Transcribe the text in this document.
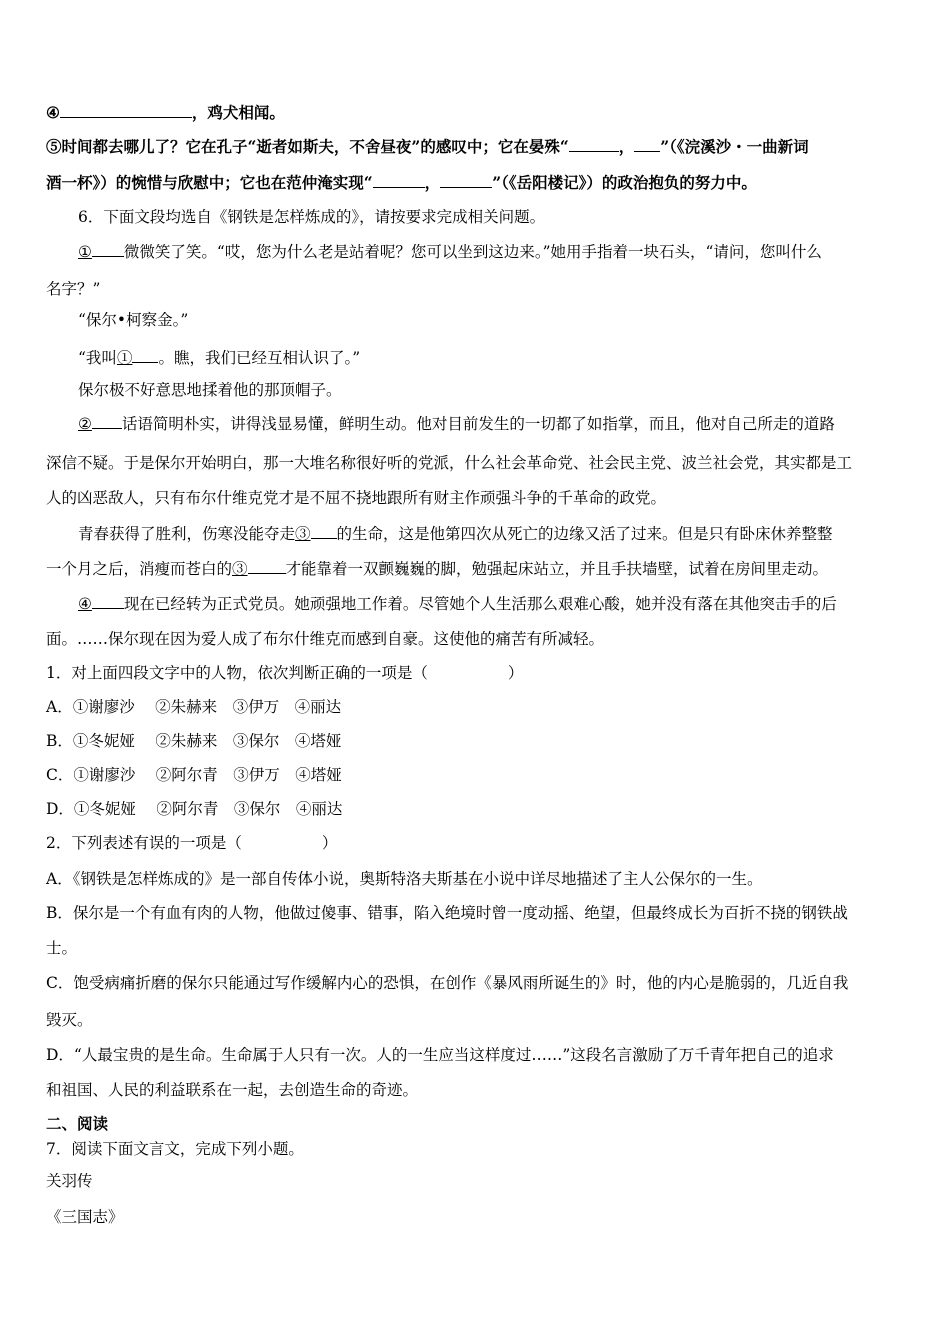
④	，鸡犬相闻。
⑤时间都去哪儿了？它在孔子“逝者如斯夫，不舍昼夜”的感叹中；它在晏殊“	， ”（《浣溪沙・一曲新词
酒一杯》）的惋惜与欣慰中；它也在范仲淹实现“	，	”（《岳阳楼记》）的政治抱负的努力中。
6．下面文段均选自《钢铁是怎样炼成的》，请按要求完成相关问题。
① 微微笑了笑。“哎，您为什么老是站着呢？您可以坐到这边来。”她用手指着一块石头，“请问，您叫什么
名字？”
“保尔•柯察金。”
“我叫① 。瞧，我们已经互相认识了。”
保尔极不好意思地揉着他的那顶帽子。
② 话语简明朴实，讲得浅显易懂，鲜明生动。他对目前发生的一切都了如指掌，而且，他对自己所走的道路
深信不疑。于是保尔开始明白，那一大堆名称很好听的党派，什么社会革命党、社会民主党、波兰社会党，其实都是工
人的凶恶敌人，只有布尔什维克党才是不屈不挠地跟所有财主作顽强斗争的千革命的政党。
青春获得了胜利，伤寒没能夺走③ 的生命，这是他第四次从死亡的边缘又活了过来。但是只有卧床休养整整
一个月之后，消瘦而苍白的③ 才能靠着一双颤巍巍的脚，勉强起床站立，并且手扶墙壁，试着在房间里走动。
④ 现在已经转为正式党员。她顽强地工作着。尽管她个人生活那么艰难心酸，她并没有落在其他突击手的后
面。……保尔现在因为爱人成了布尔什维克而感到自豪。这使他的痛苦有所减轻。
1．对上面四段文字中的人物，依次判断正确的一项是（	）
A．①谢廖沙　 ②朱赫来　③伊万　④丽达
B．①冬妮娅　 ②朱赫来　③保尔　④塔娅
C．①谢廖沙　 ②阿尔青　③伊万　④塔娅
D．①冬妮娅　 ②阿尔青　③保尔　④丽达
2．下列表述有误的一项是（	）
A．《钢铁是怎样炼成的》是一部自传体小说，奥斯特洛夫斯基在小说中详尽地描述了主人公保尔的一生。
B．保尔是一个有血有肉的人物，他做过傻事、错事，陷入绝境时曾一度动摇、绝望，但最终成长为百折不挠的钢铁战
士。
C．饱受病痛折磨的保尔只能通过写作缓解内心的恐惧，在创作《暴风雨所诞生的》时，他的内心是脆弱的，几近自我
毁灭。
D．“人最宝贵的是生命。生命属于人只有一次。人的一生应当这样度过……”这段名言激励了万千青年把自己的追求
和祖国、人民的利益联系在一起，去创造生命的奇迹。
二、阅读
7．阅读下面文言文，完成下列小题。
关羽传
《三国志》
